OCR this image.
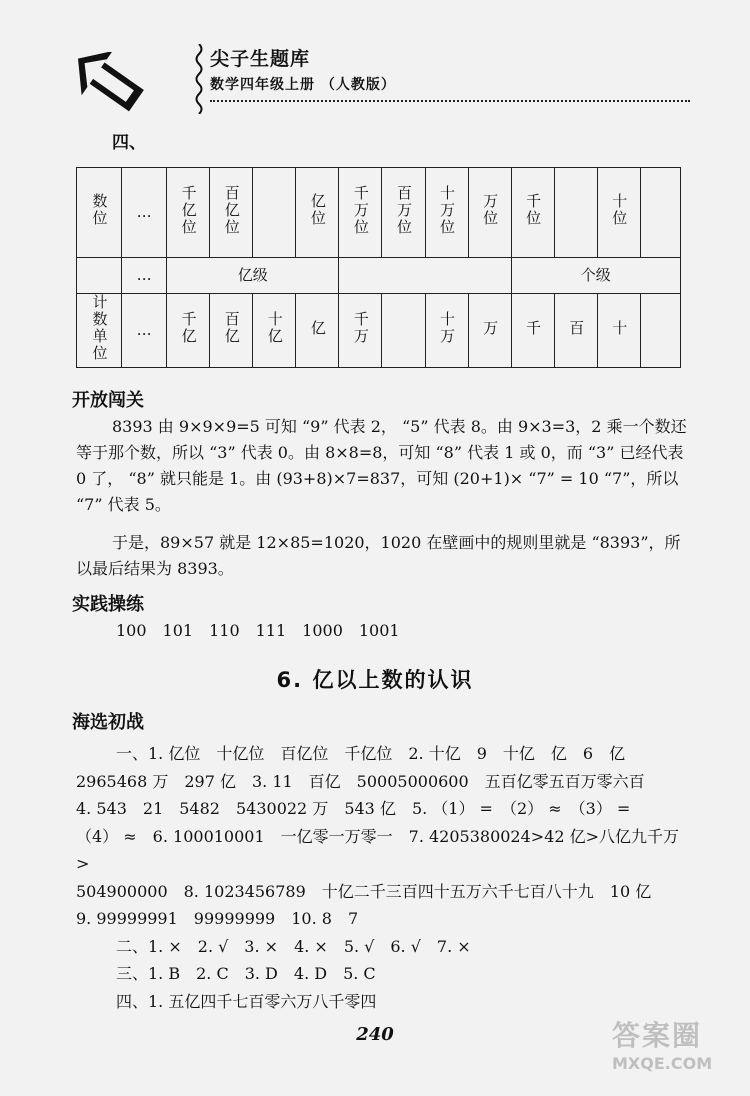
尖子生题库
数学四年级上册 （人教版）
四、
数位	…	千亿位	百亿位		亿位	千万位	百万位	十万位	万位	千位		十位	
	…	亿级								个级			
计数单位	…	千亿	百亿	十亿	亿	千万		十万	万	千	百	十	
开放闯关
8393 由 9×9×9=5 可知 “9” 代表 2， “5” 代表 8。由 9×3=3，2 乘一个数还等于那个数，所以 “3” 代表 0。由 8×8=8，可知 “8” 代表 1 或 0，而 “3” 已经代表 0 了， “8” 就只能是 1。由 (93+8)×7=837，可知 (20+1)× “7” = 10 “7”，所以 “7” 代表 5。
于是，89×57 就是 12×85=1020，1020 在壁画中的规则里就是 “8393”，所以最后结果为 8393。
实践操练
100　101　110　111　1000　1001
6. 亿以上数的认识
海选初战
一、1. 亿位　十亿位　百亿位　千亿位　2. 十亿　9　十亿　亿　6　亿
2965468 万　297 亿　3. 11　百亿　50005000600　五百亿零五百万零六百
4. 543　21　5482　5430022 万　543 亿　5. （1） =　（2） ≈　（3） =
（4） ≈　6. 100010001　一亿零一万零一　7. 4205380024>42 亿>八亿九千万>
504900000　8. 1023456789　十亿二千三百四十五万六千七百八十九　10 亿
9. 99999991　99999999　10. 8　7
二、1. ×　2. √　3. ×　4. ×　5. √　6. √　7. ×
三、1. B　2. C　3. D　4. D　5. C
四、1. 五亿四千七百零六万八千零四
240	答案圈
MXQE.COM
